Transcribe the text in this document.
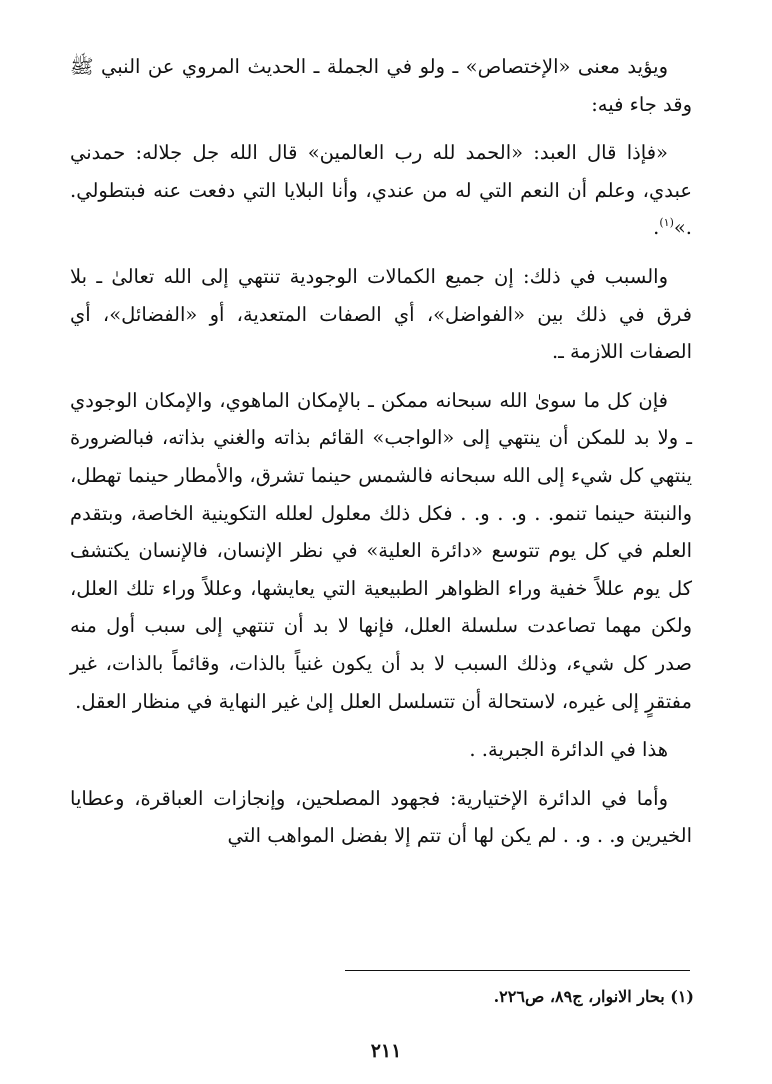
ويؤيد معنى «الإختصاص» ـ ولو في الجملة ـ الحديث المروي عن النبي ﷺ وقد جاء فيه:

«فإذا قال العبد: «الحمد لله رب العالمين» قال الله جل جلاله: حمدني عبدي، وعلم أن النعم التي له من عندي، وأنا البلايا التي دفعت عنه فبتطولي. .»$^{(١)}$.

والسبب في ذلك: إن جميع الكمالات الوجودية تنتهي إلى الله تعالىٰ ـ بلا فرق في ذلك بين «الفواضل»، أي الصفات المتعدية، أو «الفضائل»، أي الصفات اللازمة ـ.

فإن كل ما سوىٰ الله سبحانه ممكن ـ بالإمكان الماهوي، والإمكان الوجودي ـ ولا بد للمكن أن ينتهي إلى «الواجب» القائم بذاته والغني بذاته، فبالضرورة ينتهي كل شيء إلى الله سبحانه فالشمس حينما تشرق، والأمطار حينما تهطل، والنبتة حينما تنمو. . و. . و. . فكل ذلك معلول لعلله التكوينية الخاصة، وبتقدم العلم في كل يوم تتوسع «دائرة العلية» في نظر الإنسان، فالإنسان يكتشف كل يوم عللاً خفية وراء الظواهر الطبيعية التي يعايشها، وعللاً وراء تلك العلل، ولكن مهما تصاعدت سلسلة العلل، فإنها لا بد أن تنتهي إلى سبب أول منه صدر كل شيء، وذلك السبب لا بد أن يكون غنياً بالذات، وقائماً بالذات، غير مفتقرٍ إلى غيره، لاستحالة أن تتسلسل العلل إلىٰ غير النهاية في منظار العقل.

هذا في الدائرة الجبرية. .

وأما في الدائرة الإختيارية: فجهود المصلحين، وإنجازات العباقرة، وعطايا الخيرين و. . و. . لم يكن لها أن تتم إلا بفضل المواهب التي

(١) بحار الانوار، ج٨٩، ص٢٢٦.
٢١١
